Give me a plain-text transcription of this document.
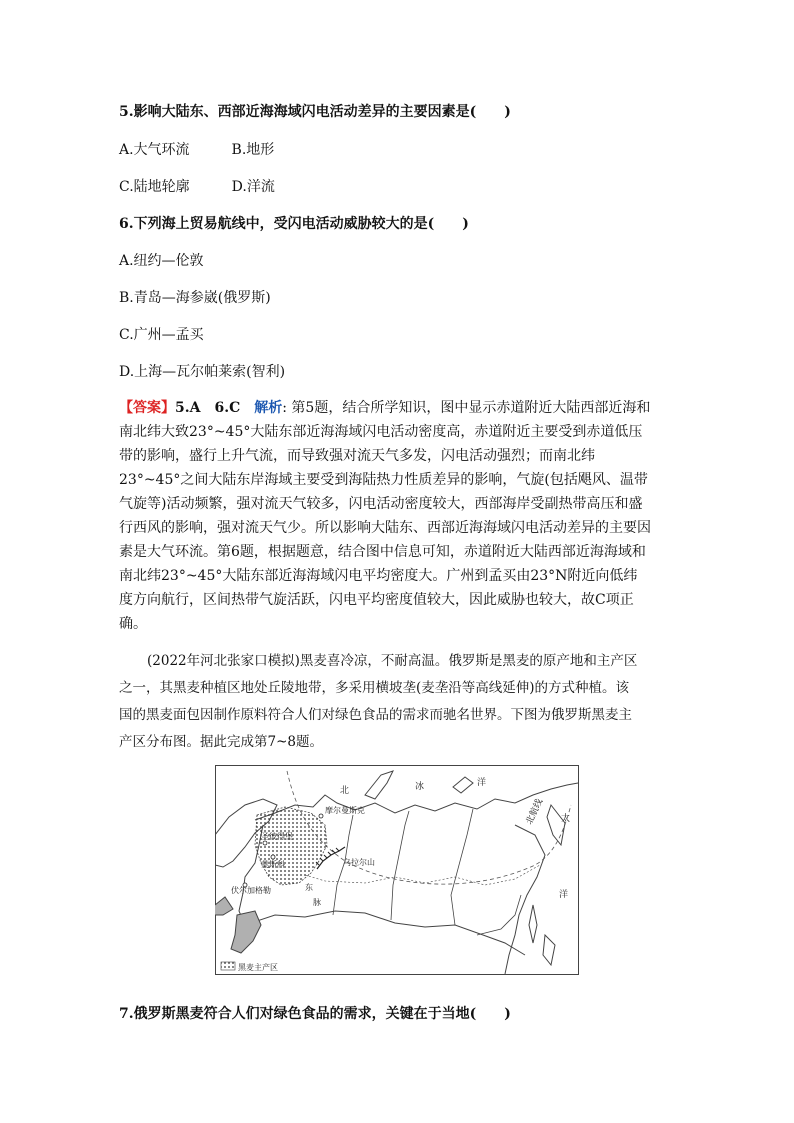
5.影响大陆东、西部近海海域闪电活动差异的主要因素是(　　)
A.大气环流　　　B.地形
C.陆地轮廓　　　D.洋流
6.下列海上贸易航线中，受闪电活动威胁较大的是(　　)
A.纽约—伦敦
B.青岛—海参崴(俄罗斯)
C.广州—孟买
D.上海—瓦尔帕莱索(智利)
【答案】5.A　6.C　解析: 第5题，结合所学知识，图中显示赤道附近大陆西部近海和
南北纬大致23°~45°大陆东部近海海域闪电活动密度高，赤道附近主要受到赤道低压
带的影响，盛行上升气流，而导致强对流天气多发，闪电活动强烈；而南北纬
23°~45°之间大陆东岸海域主要受到海陆热力性质差异的影响，气旋(包括飓风、温带
气旋等)活动频繁，强对流天气较多，闪电活动密度较大，西部海岸受副热带高压和盛
行西风的影响，强对流天气少。所以影响大陆东、西部近海海域闪电活动差异的主要因
素是大气环流。第6题，根据题意，结合图中信息可知，赤道附近大陆西部近海海域和
南北纬23°~45°大陆东部近海海域闪电平均密度大。广州到孟买由23°N附近向低纬
度方向航行，区间热带气旋活跃，闪电平均密度值较大，因此威胁也较大，故C项正
确。
(2022年河北张家口模拟)黑麦喜冷凉，不耐高温。俄罗斯是黑麦的原产地和主产区
之一，其黑麦种植区地处丘陵地带，多采用横坡垄(麦垄沿等高线延伸)的方式种植。该
国的黑麦面包因制作原料符合人们对绿色食品的需求而驰名世界。下图为俄罗斯黑麦主
产区分布图。据此完成第7~8题。
北	冰	洋
北航线 太
洋
摩尔曼斯克
圣彼得堡
莫斯科
伏尔加格勒
乌拉尔山
东
脉
黑麦主产区
7.俄罗斯黑麦符合人们对绿色食品的需求，关键在于当地(　　)
